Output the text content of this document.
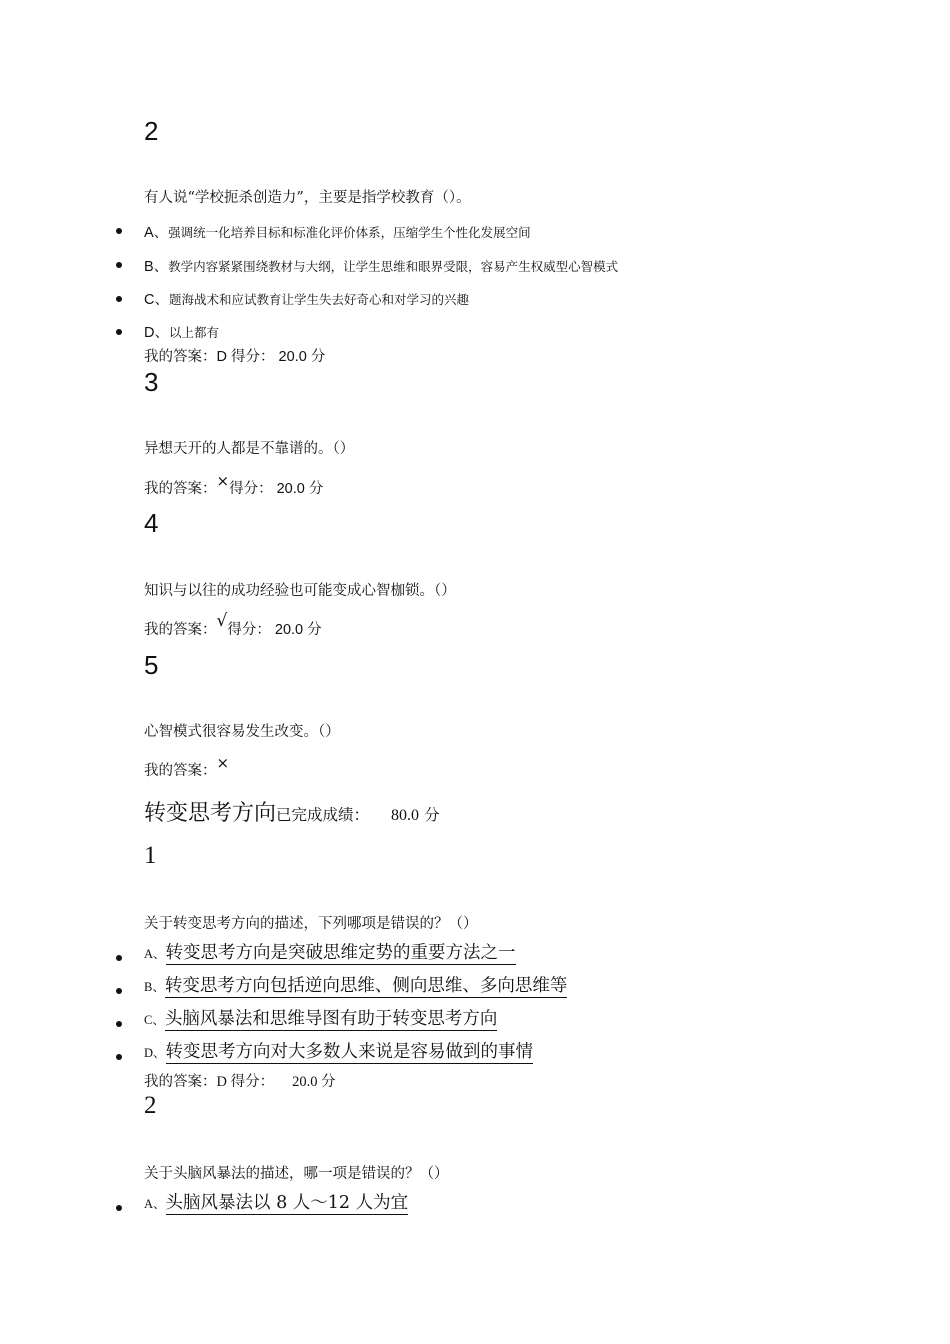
2
有人说“学校扼杀创造力”，主要是指学校教育（）。
A、强调统一化培养目标和标准化评价体系，压缩学生个性化发展空间
B、教学内容紧紧围绕教材与大纲，让学生思维和眼界受限，容易产生权威型心智模式
C、题海战术和应试教育让学生失去好奇心和对学习的兴趣
D、以上都有
我的答案：D 得分： 20.0 分
3
异想天开的人都是不靠谱的。（）
我的答案：×得分： 20.0 分
4
知识与以往的成功经验也可能变成心智枷锁。（）
我的答案：√得分： 20.0 分
5
心智模式很容易发生改变。（）
我的答案：×
转变思考方向已完成成绩： 80.0 分
1
关于转变思考方向的描述，下列哪项是错误的？（）
A、转变思考方向是突破思维定势的重要方法之一
B、转变思考方向包括逆向思维、侧向思维、多向思维等
C、头脑风暴法和思维导图有助于转变思考方向
D、转变思考方向对大多数人来说是容易做到的事情
我的答案：D 得分： 20.0 分
2
关于头脑风暴法的描述，哪一项是错误的？（）
A、头脑风暴法以 8 人～12 人为宜
